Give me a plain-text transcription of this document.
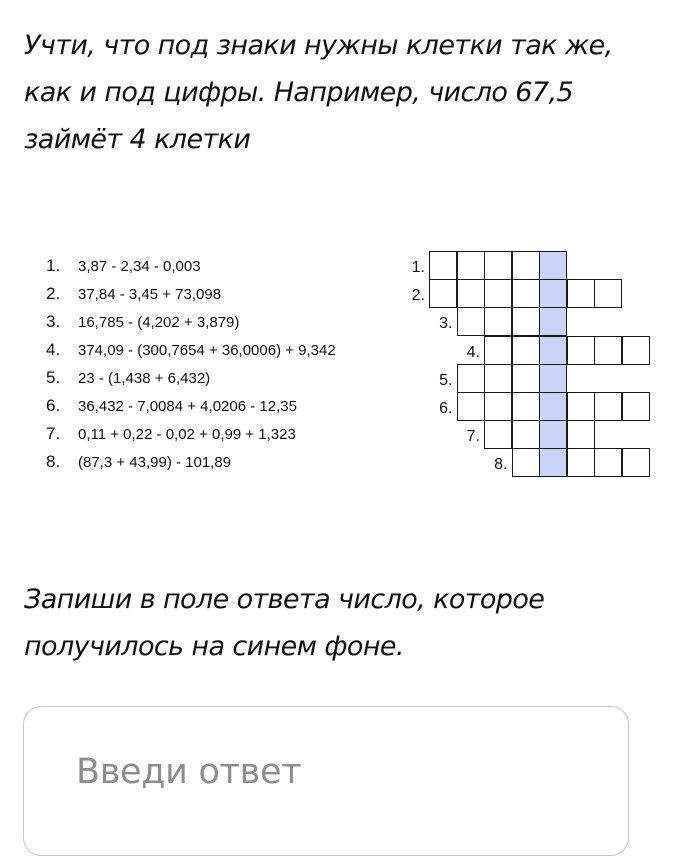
Учти, что под знаки нужны клетки так же, как и под цифры. Например, число 67,5 займёт 4 клетки

1.	3,87 - 2,34 - 0,003
2.	37,84 - 3,45 + 73,098
3.	16,785 - (4,202 + 3,879)
4.	374,09 - (300,7654 + 36,0006) + 9,342
5.	23 - (1,438 + 6,432)
6.	36,432 - 7,0084 + 4,0206 - 12,35
7.	0,11 + 0,22 - 0,02 + 0,99 + 1,323
8.	(87,3 + 43,99) - 101,89
1.
2.
3.
4.
5.
6.
7.
8.

Запиши в поле ответа число, которое получилось на синем фоне.

Введи ответ
